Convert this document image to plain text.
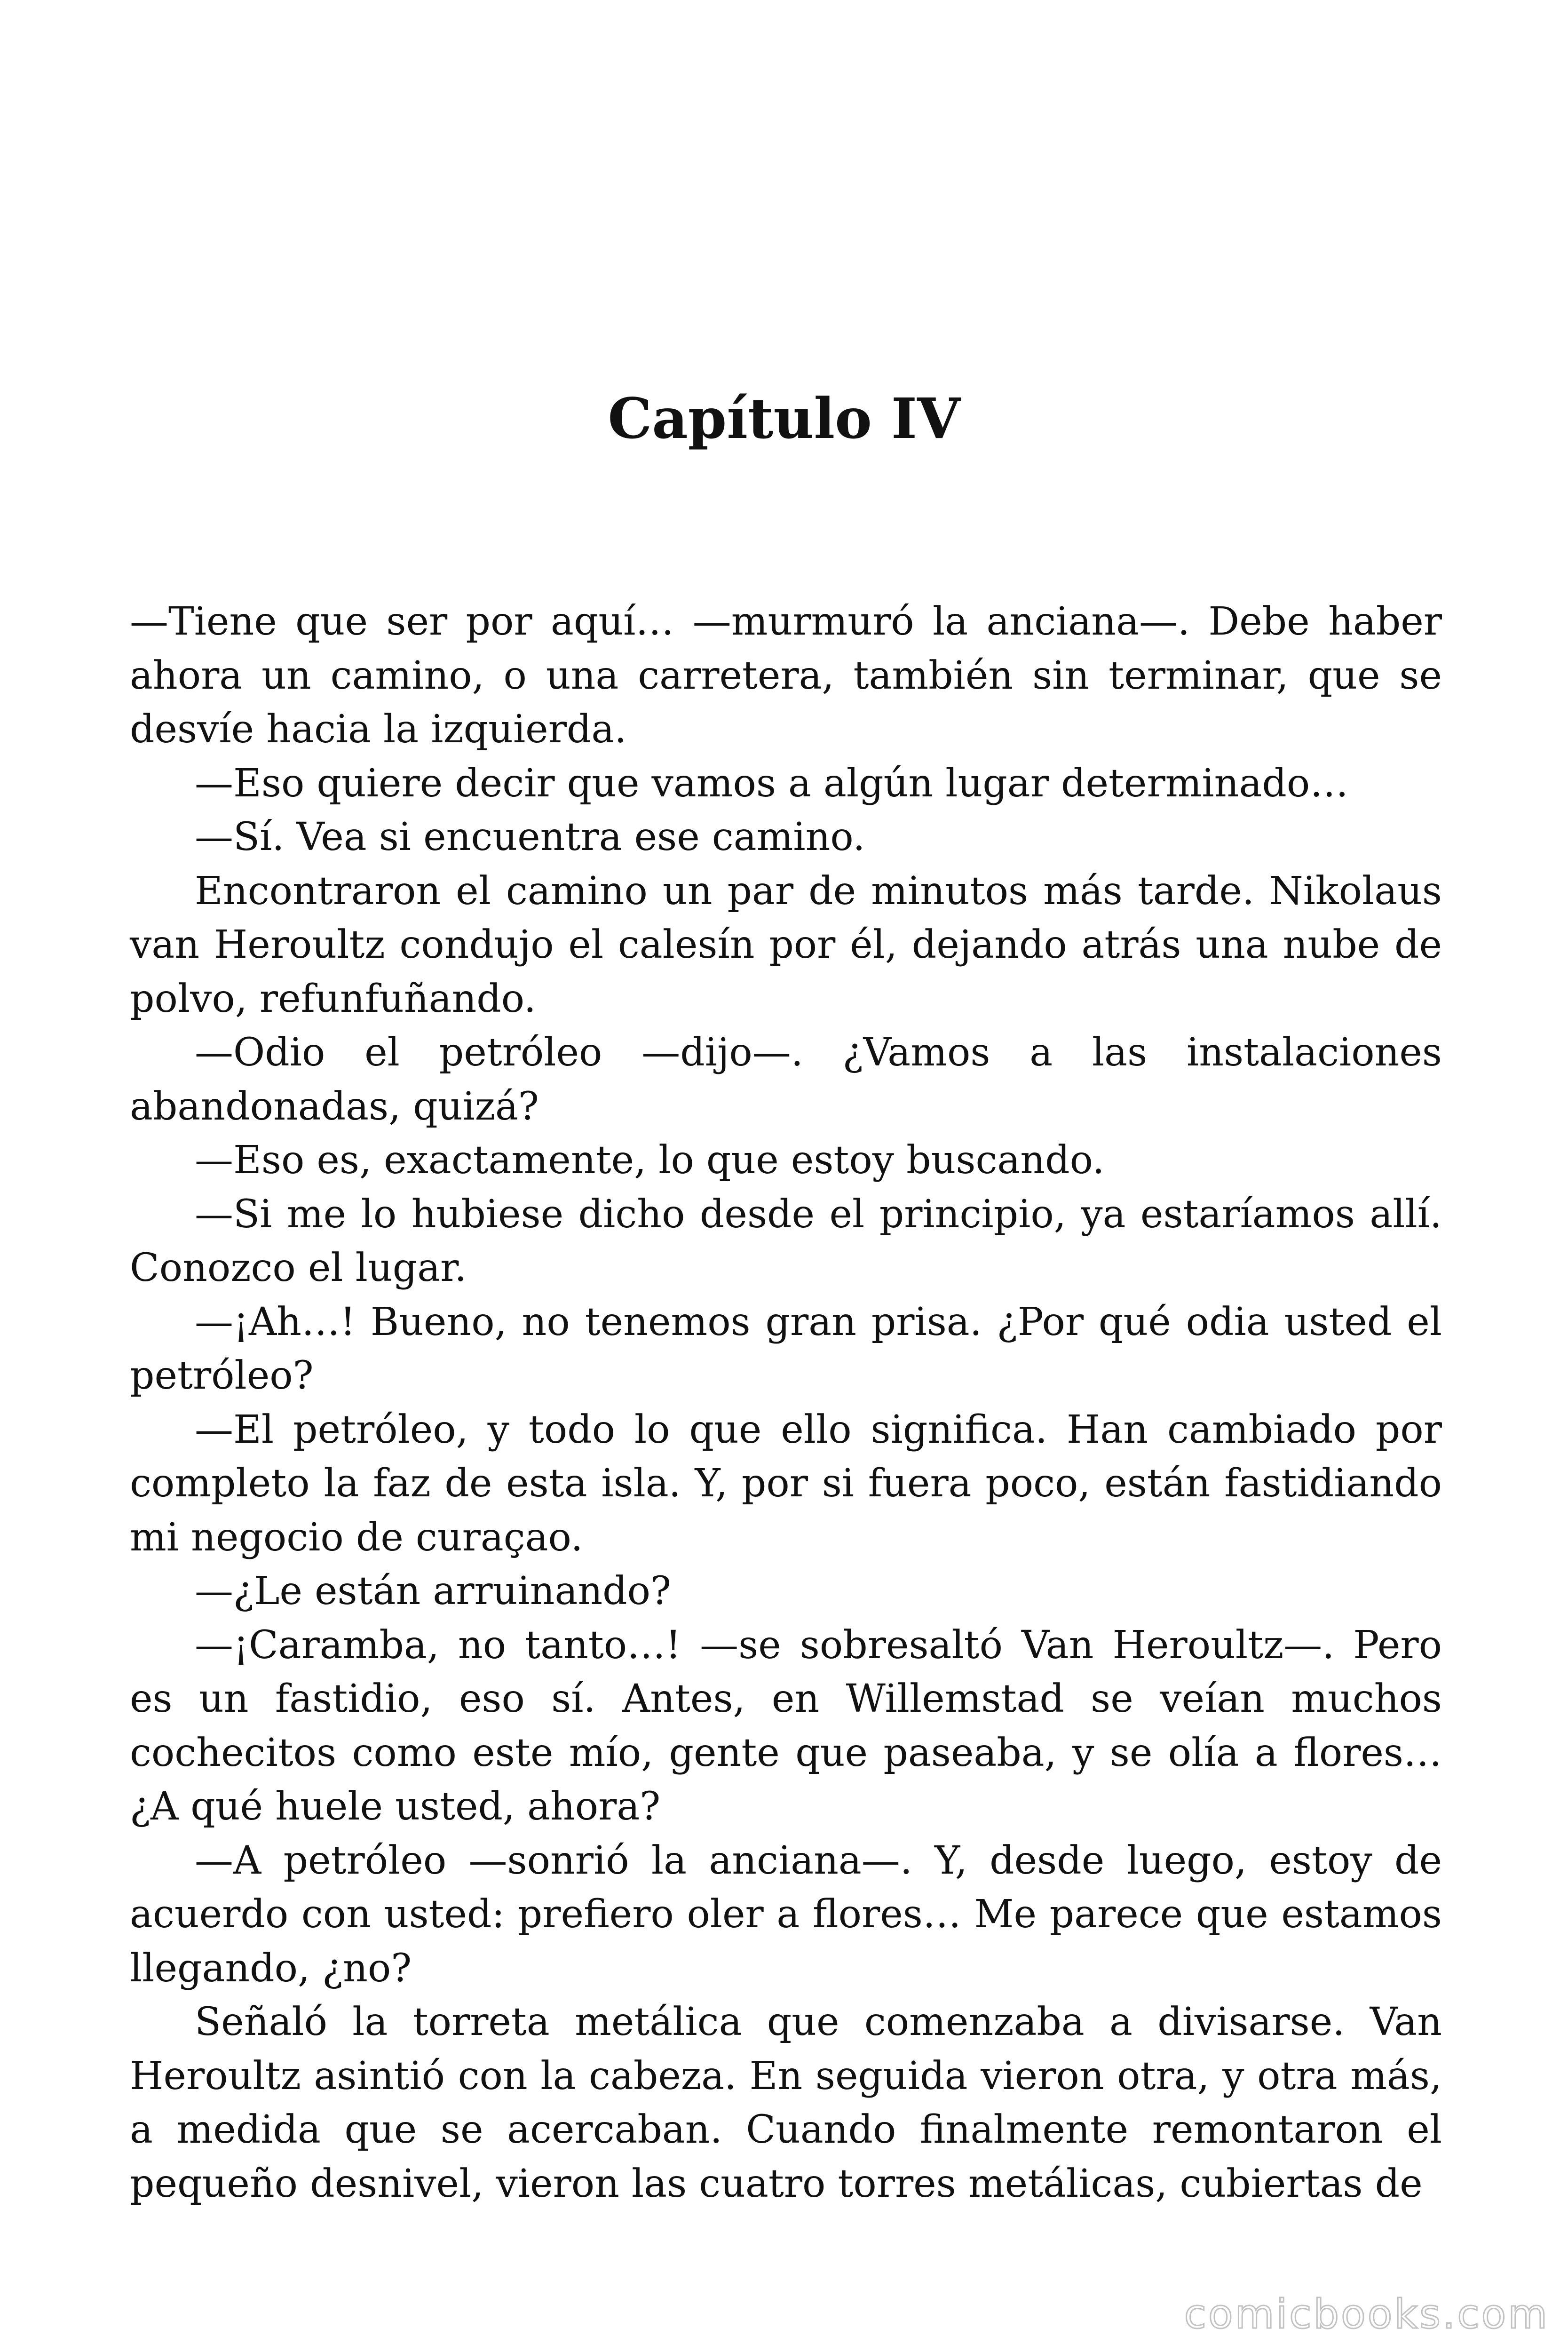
Capítulo IV

—Tiene que ser por aquí… —murmuró la anciana—. Debe haber ahora un camino, o una carretera, también sin terminar, que se desvíe hacia la izquierda.

—Eso quiere decir que vamos a algún lugar determinado…

—Sí. Vea si encuentra ese camino.

Encontraron el camino un par de minutos más tarde. Nikolaus van Heroultz condujo el calesín por él, dejando atrás una nube de polvo, refunfuñando.

—Odio el petróleo —dijo—. ¿Vamos a las instalaciones abandonadas, quizá?

—Eso es, exactamente, lo que estoy buscando.

—Si me lo hubiese dicho desde el principio, ya estaríamos allí. Conozco el lugar.

—¡Ah…! Bueno, no tenemos gran prisa. ¿Por qué odia usted el petróleo?

—El petróleo, y todo lo que ello significa. Han cambiado por completo la faz de esta isla. Y, por si fuera poco, están fastidiando mi negocio de curaçao.

—¿Le están arruinando?

—¡Caramba, no tanto…! —se sobresaltó Van Heroultz—. Pero es un fastidio, eso sí. Antes, en Willemstad se veían muchos cochecitos como este mío, gente que paseaba, y se olía a flores… ¿A qué huele usted, ahora?

—A petróleo —sonrió la anciana—. Y, desde luego, estoy de acuerdo con usted: prefiero oler a flores… Me parece que estamos llegando, ¿no?

Señaló la torreta metálica que comenzaba a divisarse. Van Heroultz asintió con la cabeza. En seguida vieron otra, y otra más, a medida que se acercaban. Cuando finalmente remontaron el pequeño desnivel, vieron las cuatro torres metálicas, cubiertas de

comicbooks.com
